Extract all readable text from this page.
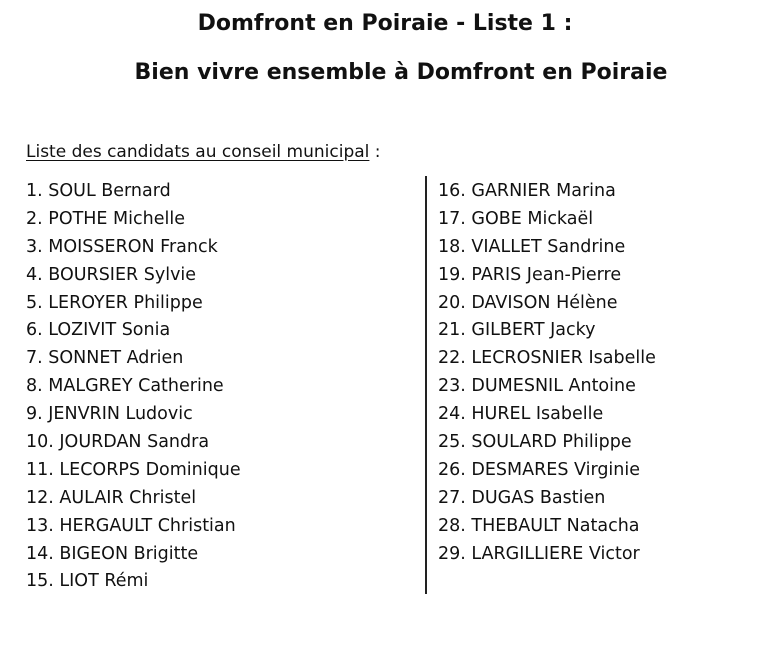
Domfront en Poiraie - Liste 1 :
Bien vivre ensemble à Domfront en Poiraie

Liste des candidats au conseil municipal :

1. SOUL Bernard
2. POTHE Michelle
3. MOISSERON Franck
4. BOURSIER Sylvie
5. LEROYER Philippe
6. LOZIVIT Sonia
7. SONNET Adrien
8. MALGREY Catherine
9. JENVRIN Ludovic
10. JOURDAN Sandra
11. LECORPS Dominique
12. AULAIR Christel
13. HERGAULT Christian
14. BIGEON Brigitte
15. LIOT Rémi
16. GARNIER Marina
17. GOBE Mickaël
18. VIALLET Sandrine
19. PARIS Jean-Pierre
20. DAVISON Hélène
21. GILBERT Jacky
22. LECROSNIER Isabelle
23. DUMESNIL Antoine
24. HUREL Isabelle
25. SOULARD Philippe
26. DESMARES Virginie
27. DUGAS Bastien
28. THEBAULT Natacha
29. LARGILLIERE Victor
